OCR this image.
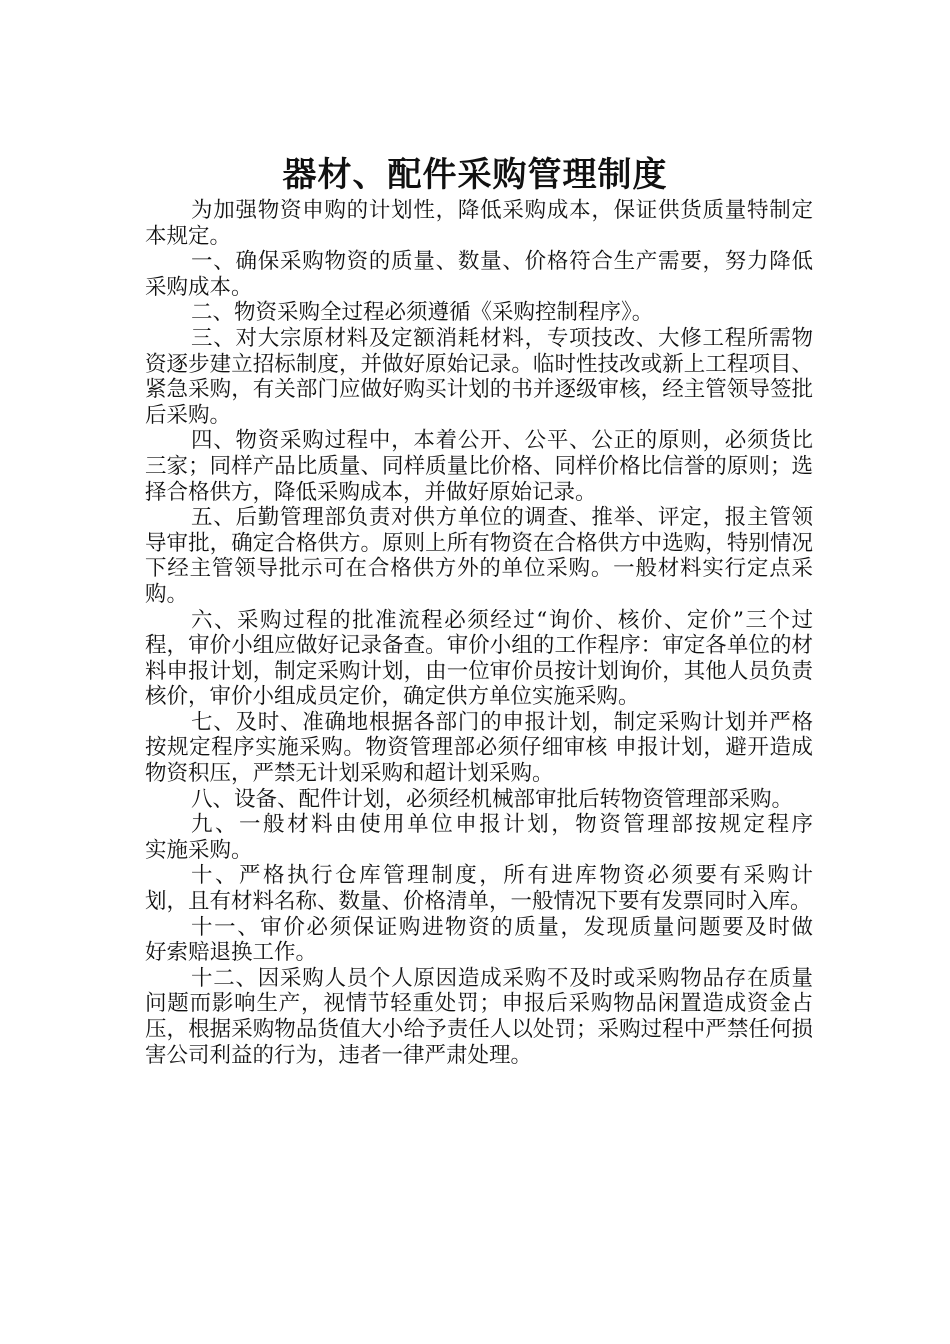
器材、配件采购管理制度

为加强物资申购的计划性，降低采购成本，保证供货质量特制定本规定。

一、确保采购物资的质量、数量、价格符合生产需要，努力降低采购成本。

二、物资采购全过程必须遵循《采购控制程序》。

三、对大宗原材料及定额消耗材料，专项技改、大修工程所需物资逐步建立招标制度，并做好原始记录。临时性技改或新上工程项目、紧急采购，有关部门应做好购买计划的书并逐级审核，经主管领导签批后采购。

四、物资采购过程中，本着公开、公平、公正的原则，必须货比三家；同样产品比质量、同样质量比价格、同样价格比信誉的原则；选择合格供方，降低采购成本，并做好原始记录。

五、后勤管理部负责对供方单位的调查、推举、评定，报主管领导审批，确定合格供方。原则上所有物资在合格供方中选购，特别情况下经主管领导批示可在合格供方外的单位采购。一般材料实行定点采购。

六、采购过程的批准流程必须经过“询价、核价、定价”三个过程，审价小组应做好记录备查。审价小组的工作程序：审定各单位的材料申报计划，制定采购计划，由一位审价员按计划询价，其他人员负责核价，审价小组成员定价，确定供方单位实施采购。

七、及时、准确地根据各部门的申报计划，制定采购计划并严格按规定程序实施采购。物资管理部必须仔细审核 申报计划，避开造成物资积压，严禁无计划采购和超计划采购。

八、设备、配件计划，必须经机械部审批后转物资管理部采购。

九、一般材料由使用单位申报计划，物资管理部按规定程序　　实施采购。

十、严格执行仓库管理制度，所有进库物资必须要有采购计　　划，且有材料名称、数量、价格清单，一般情况下要有发票同时入库。

十一、审价必须保证购进物资的质量，发现质量问题要及时做　　好索赔退换工作。

十二、因采购人员个人原因造成采购不及时或采购物品存在质量问题而影响生产，视情节轻重处罚；申报后采购物品闲置造成资金占压，根据采购物品货值大小给予责任人以处罚；采购过程中严禁任何损害公司利益的行为，违者一律严肃处理。
